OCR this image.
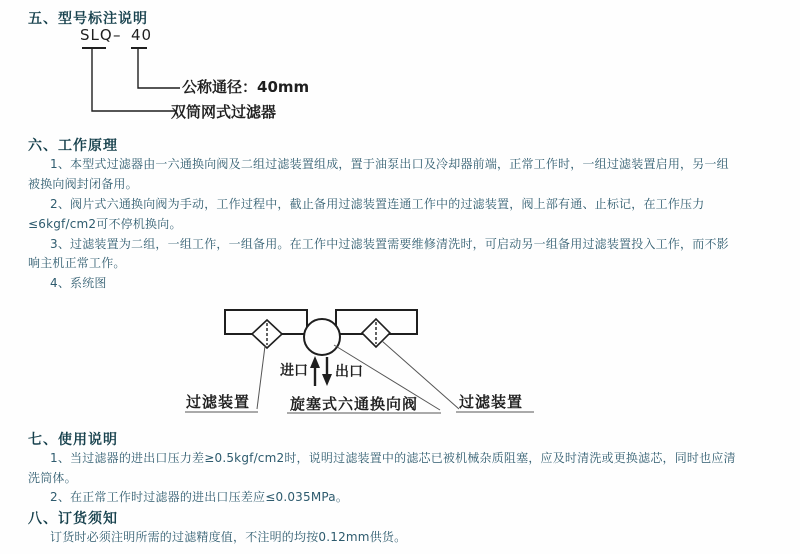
五、型号标注说明
SLQ – 40
公称通径：40mm
双筒网式过滤器
六、工作原理
1、本型式过滤器由一六通换向阀及二组过滤装置组成，置于油泵出口及冷却器前端，正常工作时，一组过滤装置启用，另一组
被换向阀封闭备用。
2、阀片式六通换向阀为手动，工作过程中，截止备用过滤装置连通工作中的过滤装置，阀上部有通、止标记，在工作压力
≤6kgf/cm2可不停机换向。
3、过滤装置为二组，一组工作，一组备用。在工作中过滤装置需要维修清洗时，可启动另一组备用过滤装置投入工作，而不影
响主机正常工作。
4、系统图
进口 出口
过滤装置	旋塞式六通换向阀	过滤装置
七、使用说明
1、当过滤器的进出口压力差≥0.5kgf/cm2时，说明过滤装置中的滤芯已被机械杂质阻塞，应及时清洗或更换滤芯，同时也应清
洗筒体。
2、在正常工作时过滤器的进出口压差应≤0.035MPa。
八、订货须知
订货时必须注明所需的过滤精度值，不注明的均按0.12mm供货。
